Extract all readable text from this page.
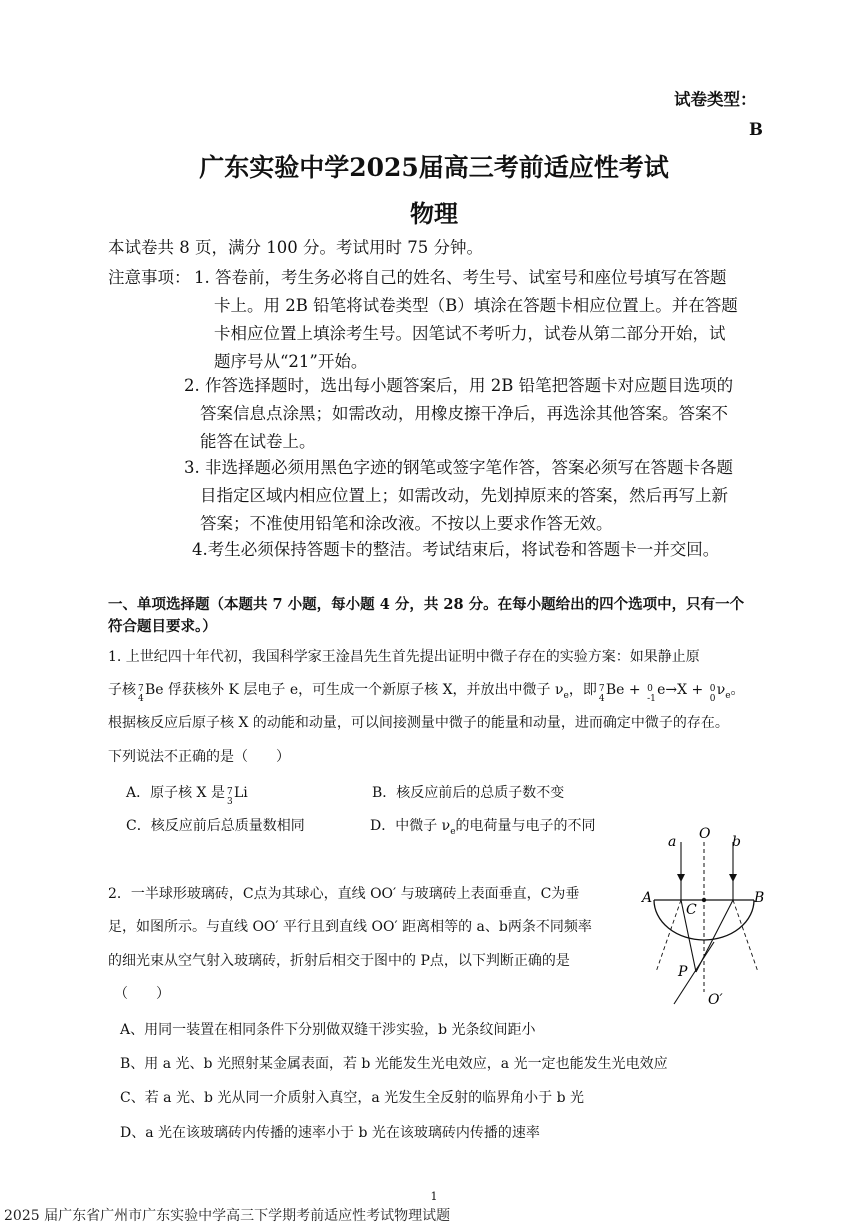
试卷类型：
B
广东实验中学2025届高三考前适应性考试
物理
本试卷共 8 页，满分 100 分。考试用时 75 分钟。
注意事项： 1. 答卷前，考生务必将自己的姓名、考生号、试室号和座位号填写在答题
卡上。用 2B 铅笔将试卷类型（B）填涂在答题卡相应位置上。并在答题
卡相应位置上填涂考生号。因笔试不考听力，试卷从第二部分开始，试
题序号从“21”开始。
2. 作答选择题时，选出每小题答案后，用 2B 铅笔把答题卡对应题目选项的
答案信息点涂黑；如需改动，用橡皮擦干净后，再选涂其他答案。答案不
能答在试卷上。
3. 非选择题必须用黑色字迹的钢笔或签字笔作答，答案必须写在答题卡各题
目指定区域内相应位置上；如需改动，先划掉原来的答案，然后再写上新
答案；不准使用铅笔和涂改液。不按以上要求作答无效。
4.考生必须保持答题卡的整洁。考试结束后，将试卷和答题卡一并交回。
一、单项选择题（本题共 7 小题，每小题 4 分，共 28 分。在每小题给出的四个选项中，只有一个
符合题目要求。）
1. 上世纪四十年代初，我国科学家王淦昌先生首先提出证明中微子存在的实验方案：如果静止原
子核 7
4
Be 俘获核外 K 层电子 e，可生成一个新原子核 X，并放出中微子 $\nu_e$，即 7
4
Be + 0
-1
e→X + 0
0
$\nu_e$。
根据核反应后原子核 X 的动能和动量，可以间接测量中微子的能量和动量，进而确定中微子的存在。
下列说法不正确的是（　　）
A．原子核 X 是 7
3
Li	B．核反应前后的总质子数不变
C．核反应前后总质量数相同	D．中微子 $\nu_e$的电荷量与电子的不同
2．一半球形玻璃砖，C点为其球心，直线 OO′ 与玻璃砖上表面垂直，C为垂
足，如图所示。与直线 OO′ 平行且到直线 OO′ 距离相等的 a、b两条不同频率
的细光束从空气射入玻璃砖，折射后相交于图中的 P点，以下判断正确的是
（　　）
A、用同一装置在相同条件下分别做双缝干涉实验，b 光条纹间距小
B、用 a 光、b 光照射某金属表面，若 b 光能发生光电效应，a 光一定也能发生光电效应
C、若 a 光、b 光从同一介质射入真空，a 光发生全反射的临界角小于 b 光
D、a 光在该玻璃砖内传播的速率小于 b 光在该玻璃砖内传播的速率
a O b
A	B
C
P
O′
1
2025 届广东省广州市广东实验中学高三下学期考前适应性考试物理试题
